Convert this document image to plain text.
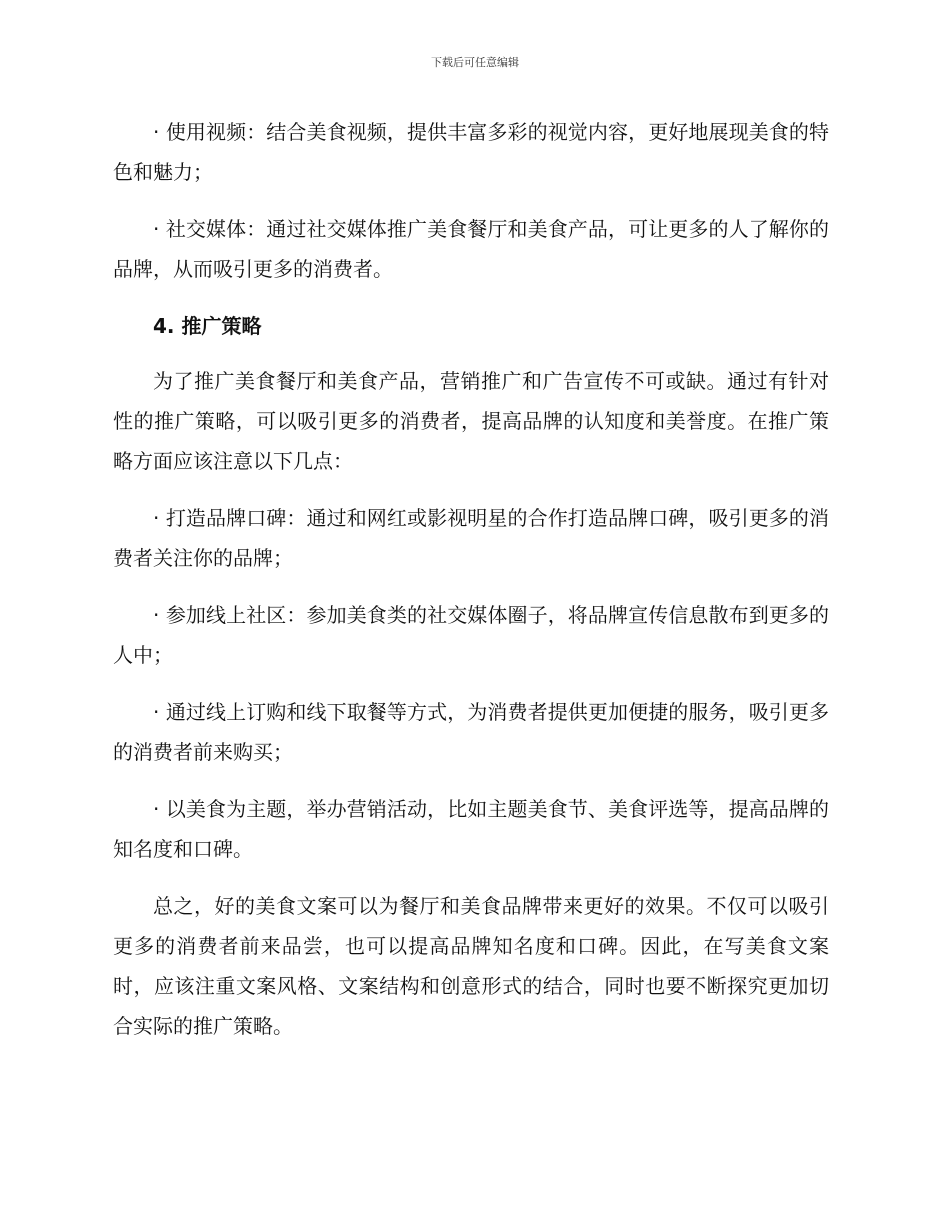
下载后可任意编辑

· 使用视频：结合美食视频，提供丰富多彩的视觉内容，更好地展现美食的特色和魅力；

· 社交媒体：通过社交媒体推广美食餐厅和美食产品，可让更多的人了解你的品牌，从而吸引更多的消费者。

4. 推广策略

为了推广美食餐厅和美食产品，营销推广和广告宣传不可或缺。通过有针对性的推广策略，可以吸引更多的消费者，提高品牌的认知度和美誉度。在推广策略方面应该注意以下几点：

· 打造品牌口碑：通过和网红或影视明星的合作打造品牌口碑，吸引更多的消费者关注你的品牌；

· 参加线上社区：参加美食类的社交媒体圈子，将品牌宣传信息散布到更多的人中；

· 通过线上订购和线下取餐等方式，为消费者提供更加便捷的服务，吸引更多的消费者前来购买；

· 以美食为主题，举办营销活动，比如主题美食节、美食评选等，提高品牌的知名度和口碑。

总之，好的美食文案可以为餐厅和美食品牌带来更好的效果。不仅可以吸引更多的消费者前来品尝，也可以提高品牌知名度和口碑。因此，在写美食文案时，应该注重文案风格、文案结构和创意形式的结合，同时也要不断探究更加切合实际的推广策略。
